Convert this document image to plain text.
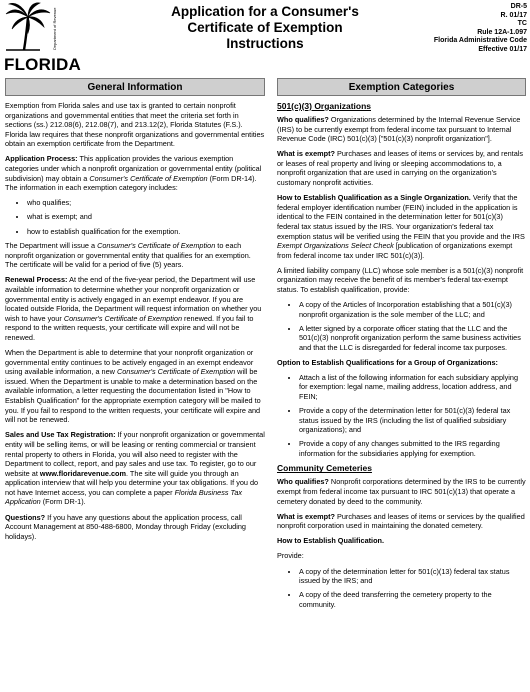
Department of Revenue
FLORIDA
Application for a Consumer's
Certificate of Exemption
Instructions
DR-5
R. 01/17
TC
Rule 12A-1.097
Florida Administrative Code
Effective 01/17
General Information

Exemption from Florida sales and use tax is granted to certain nonprofit organizations and governmental entities that meet the criteria set forth in sections (ss.) 212.08(6), 212.08(7), and 213.12(2), Florida Statutes (F.S.). Florida law requires that these nonprofit organizations and governmental entities obtain an exemption certificate from the Department.

Application Process: This application provides the various exemption categories under which a nonprofit organization or governmental entity (political subdivision) may obtain a Consumer's Certificate of Exemption (Form DR-14). The information in each exemption category includes:

• who qualifies;
• what is exempt; and
• how to establish qualification for the exemption.

The Department will issue a Consumer's Certificate of Exemption to each nonprofit organization or governmental entity that qualifies for an exemption. The certificate will be valid for a period of five (5) years.

Renewal Process: At the end of the five-year period, the Department will use available information to determine whether your nonprofit organization or governmental entity is actively engaged in an exempt endeavor. If you are located outside Florida, the Department will request information on whether you wish to have your Consumer's Certificate of Exemption renewed. If you fail to respond to the written requests, your certificate will expire and will not be renewed.

When the Department is able to determine that your nonprofit organization or governmental entity continues to be actively engaged in an exempt endeavor using available information, a new Consumer's Certificate of Exemption will be issued. When the Department is unable to make a determination based on the available information, a letter requesting the documentation listed in "How to Establish Qualification" for the appropriate exemption category will be mailed to you. If you fail to respond to the written requests, your certificate will expire and will not be renewed.

Sales and Use Tax Registration: If your nonprofit organization or governmental entity will be selling items, or will be leasing or renting commercial or transient rental property to others in Florida, you will also need to register with the Department to collect, report, and pay sales and use tax. To register, go to our website at www.floridarevenue.com. The site will guide you through an application interview that will help you determine your tax obligations. If you do not have Internet access, you can complete a paper Florida Business Tax Application (Form DR-1).

Questions? If you have any questions about the application process, call Account Management at 850-488-6800, Monday through Friday (excluding holidays).

Exemption Categories
501(c)(3) Organizations

Who qualifies? Organizations determined by the Internal Revenue Service (IRS) to be currently exempt from federal income tax pursuant to Internal Revenue Code (IRC) 501(c)(3) ["501(c)(3) nonprofit organization"].

What is exempt? Purchases and leases of items or services by, and rentals or leases of real property and living or sleeping accommodations to, a nonprofit organization that are used in carrying on the organization's customary nonprofit activities.

How to Establish Qualification as a Single Organization. Verify that the federal employer identification number (FEIN) included in the application is identical to the FEIN contained in the determination letter for 501(c)(3) federal tax status issued by the IRS. Your organization's federal tax exemption status will be verified using the FEIN that you provide and the IRS Exempt Organizations Select Check [publication of organizations exempt from federal income tax under IRC 501(c)(3)].

A limited liability company (LLC) whose sole member is a 501(c)(3) nonprofit organization may receive the benefit of its member's federal tax-exempt status. To establish qualification, provide:

• A copy of the Articles of Incorporation establishing that a 501(c)(3) nonprofit organization is the sole member of the LLC; and
• A letter signed by a corporate officer stating that the LLC and the 501(c)(3) nonprofit organization perform the same business activities and that the LLC is disregarded for federal income tax purposes.

Option to Establish Qualifications for a Group of Organizations:

• Attach a list of the following information for each subsidiary applying for exemption: legal name, mailing address, location address, and FEIN;
• Provide a copy of the determination letter for 501(c)(3) federal tax status issued by the IRS (including the list of qualified subsidiary organizations); and
• Provide a copy of any changes submitted to the IRS regarding information for the subsidiaries applying for exemption.
Community Cemeteries

Who qualifies? Nonprofit corporations determined by the IRS to be currently exempt from federal income tax pursuant to IRC 501(c)(13) that operate a cemetery donated by deed to the community.

What is exempt? Purchases and leases of items or services by the qualified nonprofit corporation used in maintaining the donated cemetery.

How to Establish Qualification.

Provide:

• A copy of the determination letter for 501(c)(13) federal tax status issued by the IRS; and
• A copy of the deed transferring the cemetery property to the community.
